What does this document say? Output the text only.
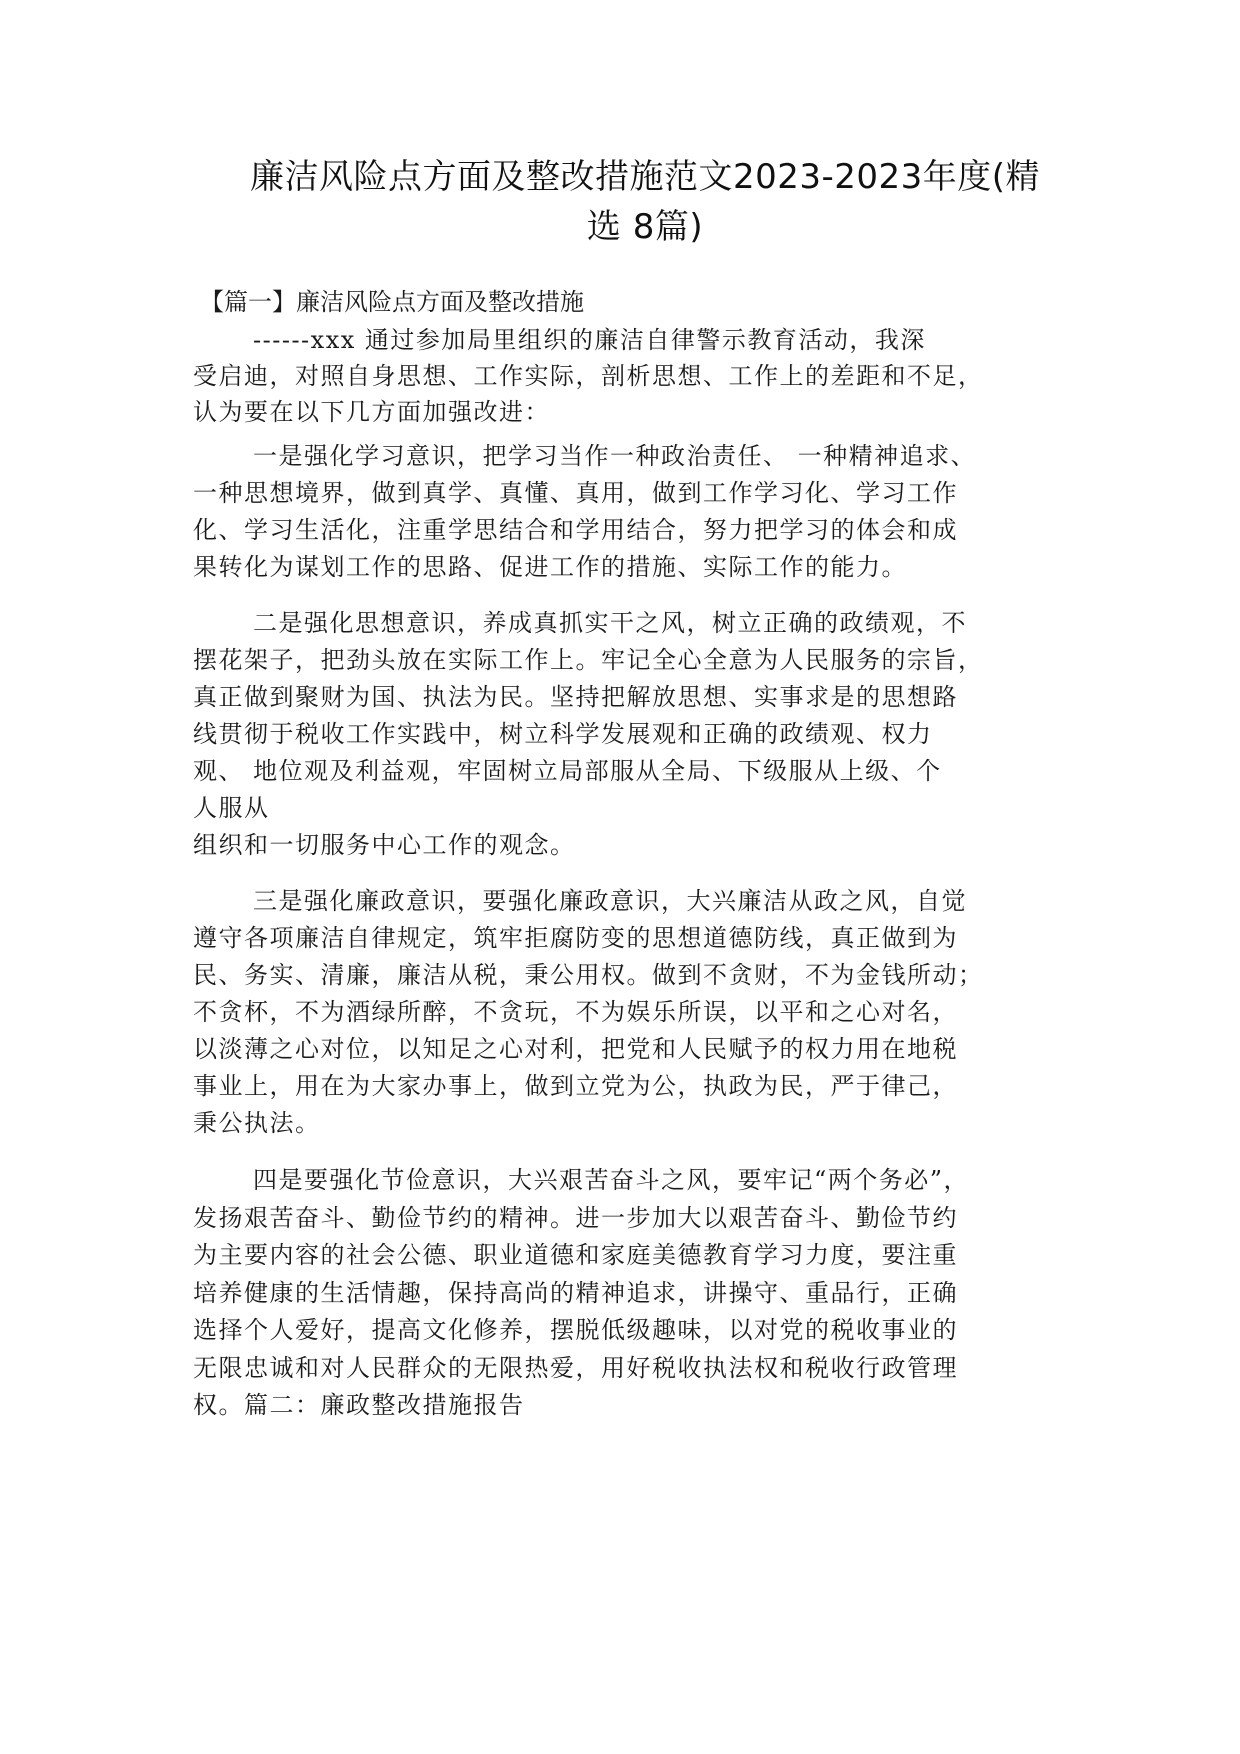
廉洁风险点方面及整改措施范文2023-2023年度(精
选 8篇)
【篇一】廉洁风险点方面及整改措施
------xxx 通过参加局里组织的廉洁自律警示教育活动，我深
受启迪，对照自身思想、工作实际，剖析思想、工作上的差距和不足，
认为要在以下几方面加强改进：
一是强化学习意识，把学习当作一种政治责任、 一种精神追求、
一种思想境界，做到真学、真懂、真用，做到工作学习化、学习工作
化、学习生活化，注重学思结合和学用结合，努力把学习的体会和成
果转化为谋划工作的思路、促进工作的措施、实际工作的能力。
二是强化思想意识，养成真抓实干之风，树立正确的政绩观，不
摆花架子，把劲头放在实际工作上。牢记全心全意为人民服务的宗旨，
真正做到聚财为国、执法为民。坚持把解放思想、实事求是的思想路
线贯彻于税收工作实践中，树立科学发展观和正确的政绩观、权力
观、 地位观及利益观，牢固树立局部服从全局、下级服从上级、个
人服从
组织和一切服务中心工作的观念。
三是强化廉政意识，要强化廉政意识，大兴廉洁从政之风，自觉
遵守各项廉洁自律规定，筑牢拒腐防变的思想道德防线，真正做到为
民、务实、清廉，廉洁从税，秉公用权。做到不贪财，不为金钱所动；
不贪杯，不为酒绿所醉，不贪玩，不为娱乐所误，以平和之心对名，
以淡薄之心对位，以知足之心对利，把党和人民赋予的权力用在地税
事业上，用在为大家办事上，做到立党为公，执政为民，严于律己，
秉公执法。
四是要强化节俭意识，大兴艰苦奋斗之风，要牢记“两个务必”，
发扬艰苦奋斗、勤俭节约的精神。进一步加大以艰苦奋斗、勤俭节约
为主要内容的社会公德、职业道德和家庭美德教育学习力度，要注重
培养健康的生活情趣，保持高尚的精神追求，讲操守、重品行，正确
选择个人爱好，提高文化修养，摆脱低级趣味，以对党的税收事业的
无限忠诚和对人民群众的无限热爱，用好税收执法权和税收行政管理
权。篇二：廉政整改措施报告
